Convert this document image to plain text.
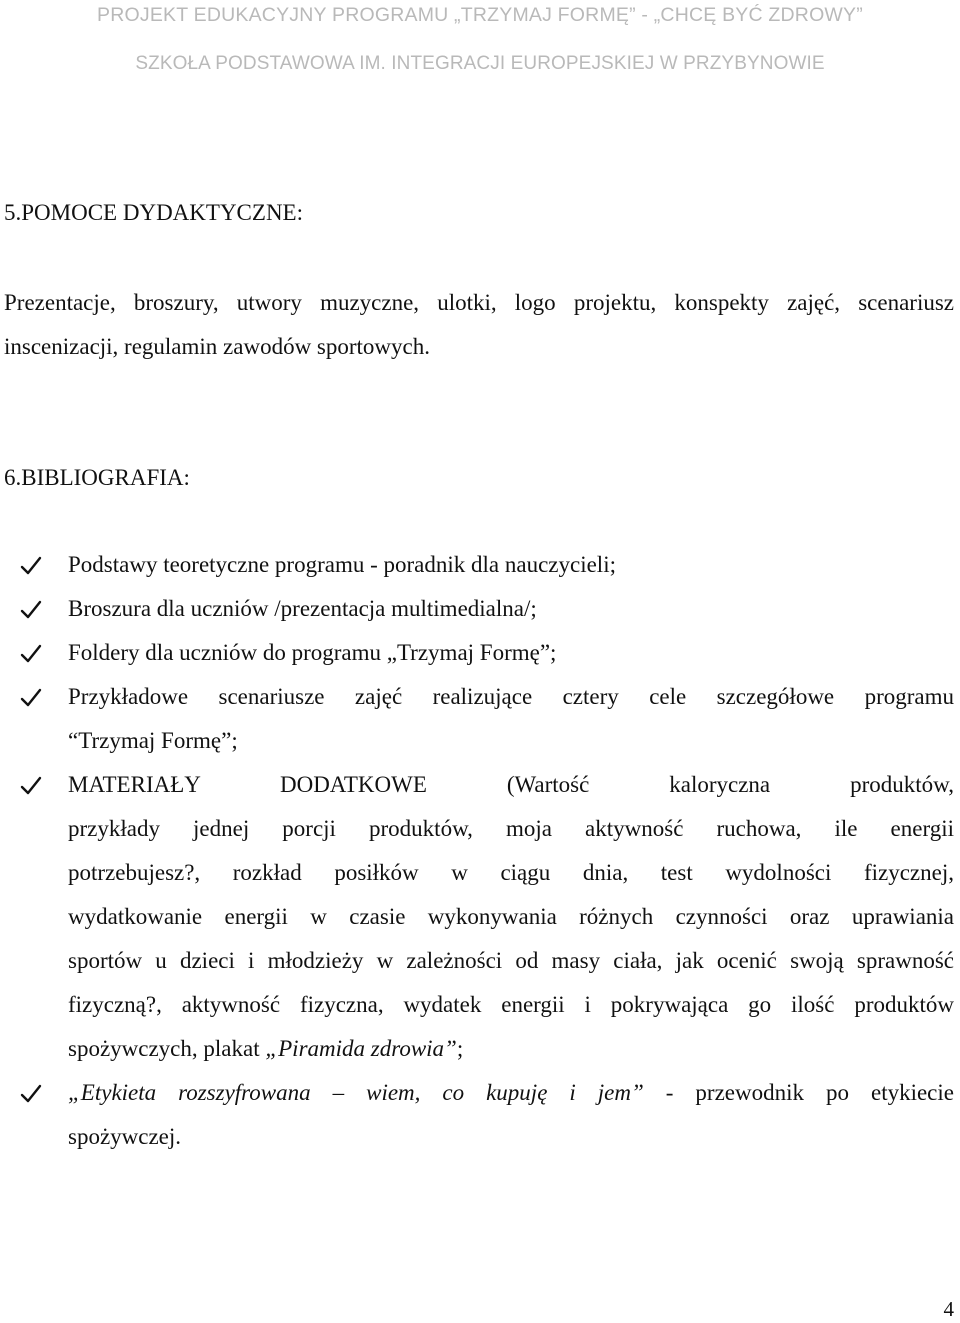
PROJEKT EDUKACYJNY PROGRAMU „TRZYMAJ FORMĘ” - „CHCĘ BYĆ ZDROWY”
SZKOŁA PODSTAWOWA IM. INTEGRACJI EUROPEJSKIEJ W PRZYBYNOWIE
5.POMOCE DYDAKTYCZNE:
Prezentacje, broszury, utwory muzyczne, ulotki, logo projektu, konspekty zajęć, scenariusz
inscenizacji, regulamin zawodów sportowych.
6.BIBLIOGRAFIA:
Podstawy teoretyczne programu - poradnik dla nauczycieli;
Broszura dla uczniów /prezentacja multimedialna/;
Foldery dla uczniów do programu „Trzymaj Formę”;
Przykładowe scenariusze zajęć realizujące cztery cele szczegółowe programu
“Trzymaj Formę”;
MATERIAŁY DODATKOWE (Wartość kaloryczna produktów,
przykłady jednej porcji produktów, moja aktywność ruchowa, ile energii
potrzebujesz?, rozkład posiłków w ciągu dnia, test wydolności fizycznej,
wydatkowanie energii w czasie wykonywania różnych czynności oraz uprawiania
sportów u dzieci i młodzieży w zależności od masy ciała, jak ocenić swoją sprawność
fizyczną?, aktywność fizyczna, wydatek energii i pokrywająca go ilość produktów
spożywczych, plakat „Piramida zdrowia”;
„Etykieta rozszyfrowana – wiem, co kupuję i jem” - przewodnik po etykiecie
spożywczej.
4
